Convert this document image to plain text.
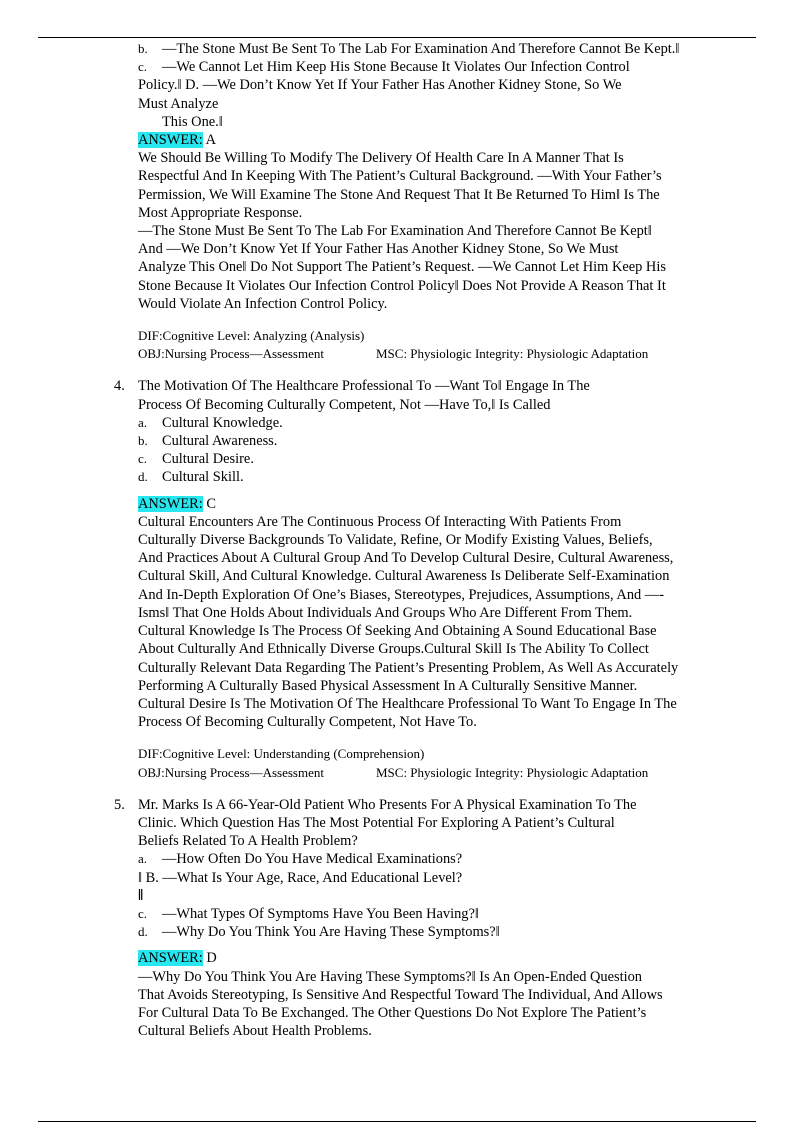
b. —The Stone Must Be Sent To The Lab For Examination And Therefore Cannot Be Kept.‖
c. —We Cannot Let Him Keep His Stone Because It Violates Our Infection Control
Policy.‖ D. —We Don’t Know Yet If Your Father Has Another Kidney Stone, So We
Must Analyze
This One.‖
ANSWER: A
We Should Be Willing To Modify The Delivery Of Health Care In A Manner That Is
Respectful And In Keeping With The Patient’s Cultural Background. —With Your Father’s
Permission, We Will Examine The Stone And Request That It Be Returned To Him‖ Is The
Most Appropriate Response.
—The Stone Must Be Sent To The Lab For Examination And Therefore Cannot Be Kept‖
And —We Don’t Know Yet If Your Father Has Another Kidney Stone, So We Must
Analyze This One‖ Do Not Support The Patient’s Request. —We Cannot Let Him Keep His
Stone Because It Violates Our Infection Control Policy‖ Does Not Provide A Reason That It
Would Violate An Infection Control Policy.
DIF:Cognitive Level: Analyzing (Analysis)
OBJ:Nursing Process—Assessment	MSC: Physiologic Integrity: Physiologic Adaptation
4. The Motivation Of The Healthcare Professional To —Want To‖ Engage In The
Process Of Becoming Culturally Competent, Not —Have To,‖ Is Called
a. Cultural Knowledge.
b. Cultural Awareness.
c. Cultural Desire.
d. Cultural Skill.
ANSWER: C
Cultural Encounters Are The Continuous Process Of Interacting With Patients From
Culturally Diverse Backgrounds To Validate, Refine, Or Modify Existing Values, Beliefs,
And Practices About A Cultural Group And To Develop Cultural Desire, Cultural Awareness,
Cultural Skill, And Cultural Knowledge. Cultural Awareness Is Deliberate Self-Examination
And In-Depth Exploration Of One’s Biases, Stereotypes, Prejudices, Assumptions, And —-
Isms‖ That One Holds About Individuals And Groups Who Are Different From Them.
Cultural Knowledge Is The Process Of Seeking And Obtaining A Sound Educational Base
About Culturally And Ethnically Diverse Groups.Cultural Skill Is The Ability To Collect
Culturally Relevant Data Regarding The Patient’s Presenting Problem, As Well As Accurately
Performing A Culturally Based Physical Assessment In A Culturally Sensitive Manner.
Cultural Desire Is The Motivation Of The Healthcare Professional To Want To Engage In The
Process Of Becoming Culturally Competent, Not Have To.
DIF:Cognitive Level: Understanding (Comprehension)
OBJ:Nursing Process—Assessment	MSC: Physiologic Integrity: Physiologic Adaptation
5. Mr. Marks Is A 66-Year-Old Patient Who Presents For A Physical Examination To The
Clinic. Which Question Has The Most Potential For Exploring A Patient’s Cultural
Beliefs Related To A Health Problem?
a. —How Often Do You Have Medical Examinations?
‖ B. —What Is Your Age, Race, And Educational Level?
‖
c. —What Types Of Symptoms Have You Been Having?‖
d. —Why Do You Think You Are Having These Symptoms?‖
ANSWER: D
—Why Do You Think You Are Having These Symptoms?‖ Is An Open-Ended Question
That Avoids Stereotyping, Is Sensitive And Respectful Toward The Individual, And Allows
For Cultural Data To Be Exchanged. The Other Questions Do Not Explore The Patient’s
Cultural Beliefs About Health Problems.
